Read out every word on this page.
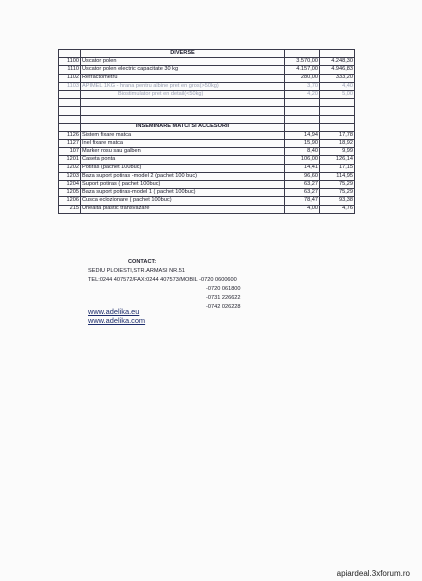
	DIVERSE		
1100	Uscator polen	3.570,00	4.248,30
1110	Uscator polen electric capacitate 30 kg	4.157,00	4.946,83
1102	Refractometru	280,00	333,20
1103	APIMEL 1KG - hrana pentru albine pret en gros(>50kg)	3,70	4,40
	Biostimulator pret en detail(<50kg)	4,20	5,00

	INSEMINARE MATCI SI ACCESORII		
1126	Sistem fixare matca	14,94	17,78
1127	Inel fixare matca	15,90	18,92
107	Marker rosu sau galben	8,40	9,99
1201	Caseta ponta	106,00	126,14
1202	Potiras (pachet 100buc)	14,41	17,15
1203	Baza suport potiras -model 2 (pachet 100 buc)	96,60	114,95
1204	Suport potiras ( pachet 100buc)	63,27	75,29
1205	Baza suport potiras-model 1 ( pachet 100buc)	63,27	75,29
1206	Cusca eclozionare ( pachet 100buc)	78,47	93,38
215	Unealta plastic transvazare	4,00	4,76
CONTACT:
SEDIU PLOIESTI,STR.ARMASI NR.51
TEL:0244 407572/FAX:0244 407573/MOBIL -0720 0600600
-0720 061800
-0731 226622
-0742 026228
www.adelika.eu
www.adelika.com
apiardeal.3xforum.ro
